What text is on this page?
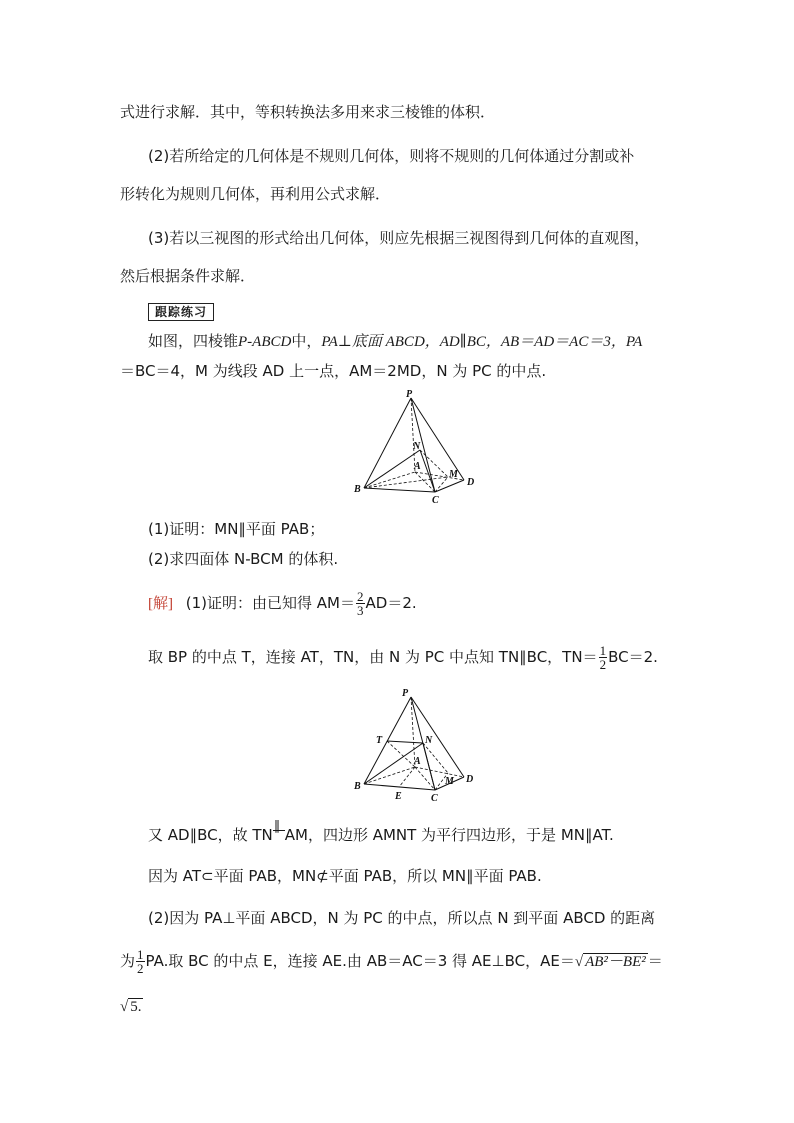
式进行求解．其中，等积转换法多用来求三棱锥的体积．
(2)若所给定的几何体是不规则几何体，则将不规则的几何体通过分割或补
形转化为规则几何体，再利用公式求解．
(3)若以三视图的形式给出几何体，则应先根据三视图得到几何体的直观图，
然后根据条件求解．
跟踪练习
如图，四棱锥P-ABCD中，PA⊥底面 ABCD，AD∥BC，AB＝AD＝AC＝3，PA
＝BC＝4，M 为线段 AD 上一点，AM＝2MD，N 为 PC 的中点.
P
N
A
M
D
B
C
(1)证明：MN∥平面 PAB；
(2)求四面体 N-BCM 的体积.
[解] (1)证明：由已知得 $AM= \frac{2}{3} AD=2$.
取 BP 的中点 T，连接 AT，TN，由 N 为 PC 中点知 TN∥BC，$TN= \frac{1}{2} BC=2$.
P
T	N
A
M D
B
E	C
又 AD∥BC，故 TN
∥
AM，四边形 AMNT 为平行四边形，于是 MN∥AT.
因为 AT⊂平面 PAB，MN⊄平面 PAB，所以 MN∥平面 PAB.
(2)因为 PA⊥平面 ABCD，N 为 PC 的中点，所以点 N 到平面 ABCD 的距离
为 $\frac{1}{2}$ PA.取 BC 的中点 E，连接 AE.由 AB＝AC＝3 得 AE⊥BC，AE＝√ AB²－BE² ＝
√ 5.
